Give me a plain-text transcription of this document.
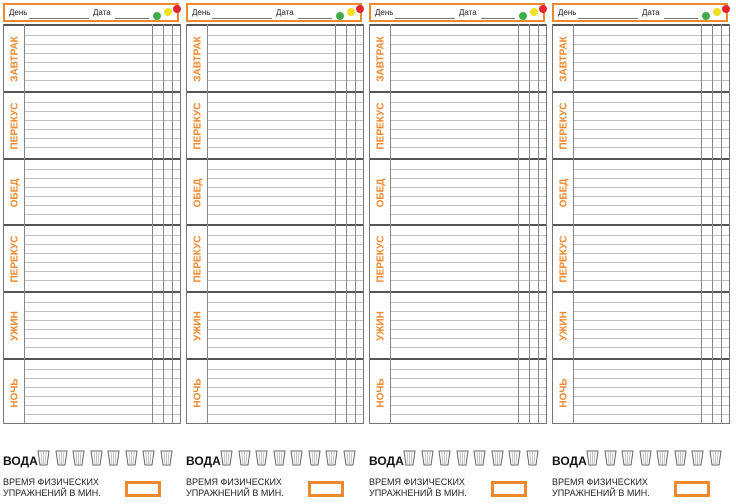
День	Дата
ЗАВТРАК
ПЕРЕКУС
ОБЕД
ПЕРЕКУС
УЖИН
НОЧЬ
ВОДА
ВРЕМЯ ФИЗИЧЕСКИХ
УПРАЖНЕНИЙ В МИН.
День	Дата
ЗАВТРАК
ПЕРЕКУС
ОБЕД
ПЕРЕКУС
УЖИН
НОЧЬ
ВОДА
ВРЕМЯ ФИЗИЧЕСКИХ
УПРАЖНЕНИЙ В МИН.
День	Дата
ЗАВТРАК
ПЕРЕКУС
ОБЕД
ПЕРЕКУС
УЖИН
НОЧЬ
ВОДА
ВРЕМЯ ФИЗИЧЕСКИХ
УПРАЖНЕНИЙ В МИН.
День	Дата
ЗАВТРАК
ПЕРЕКУС
ОБЕД
ПЕРЕКУС
УЖИН
НОЧЬ
ВОДА
ВРЕМЯ ФИЗИЧЕСКИХ
УПРАЖНЕНИЙ В МИН.
